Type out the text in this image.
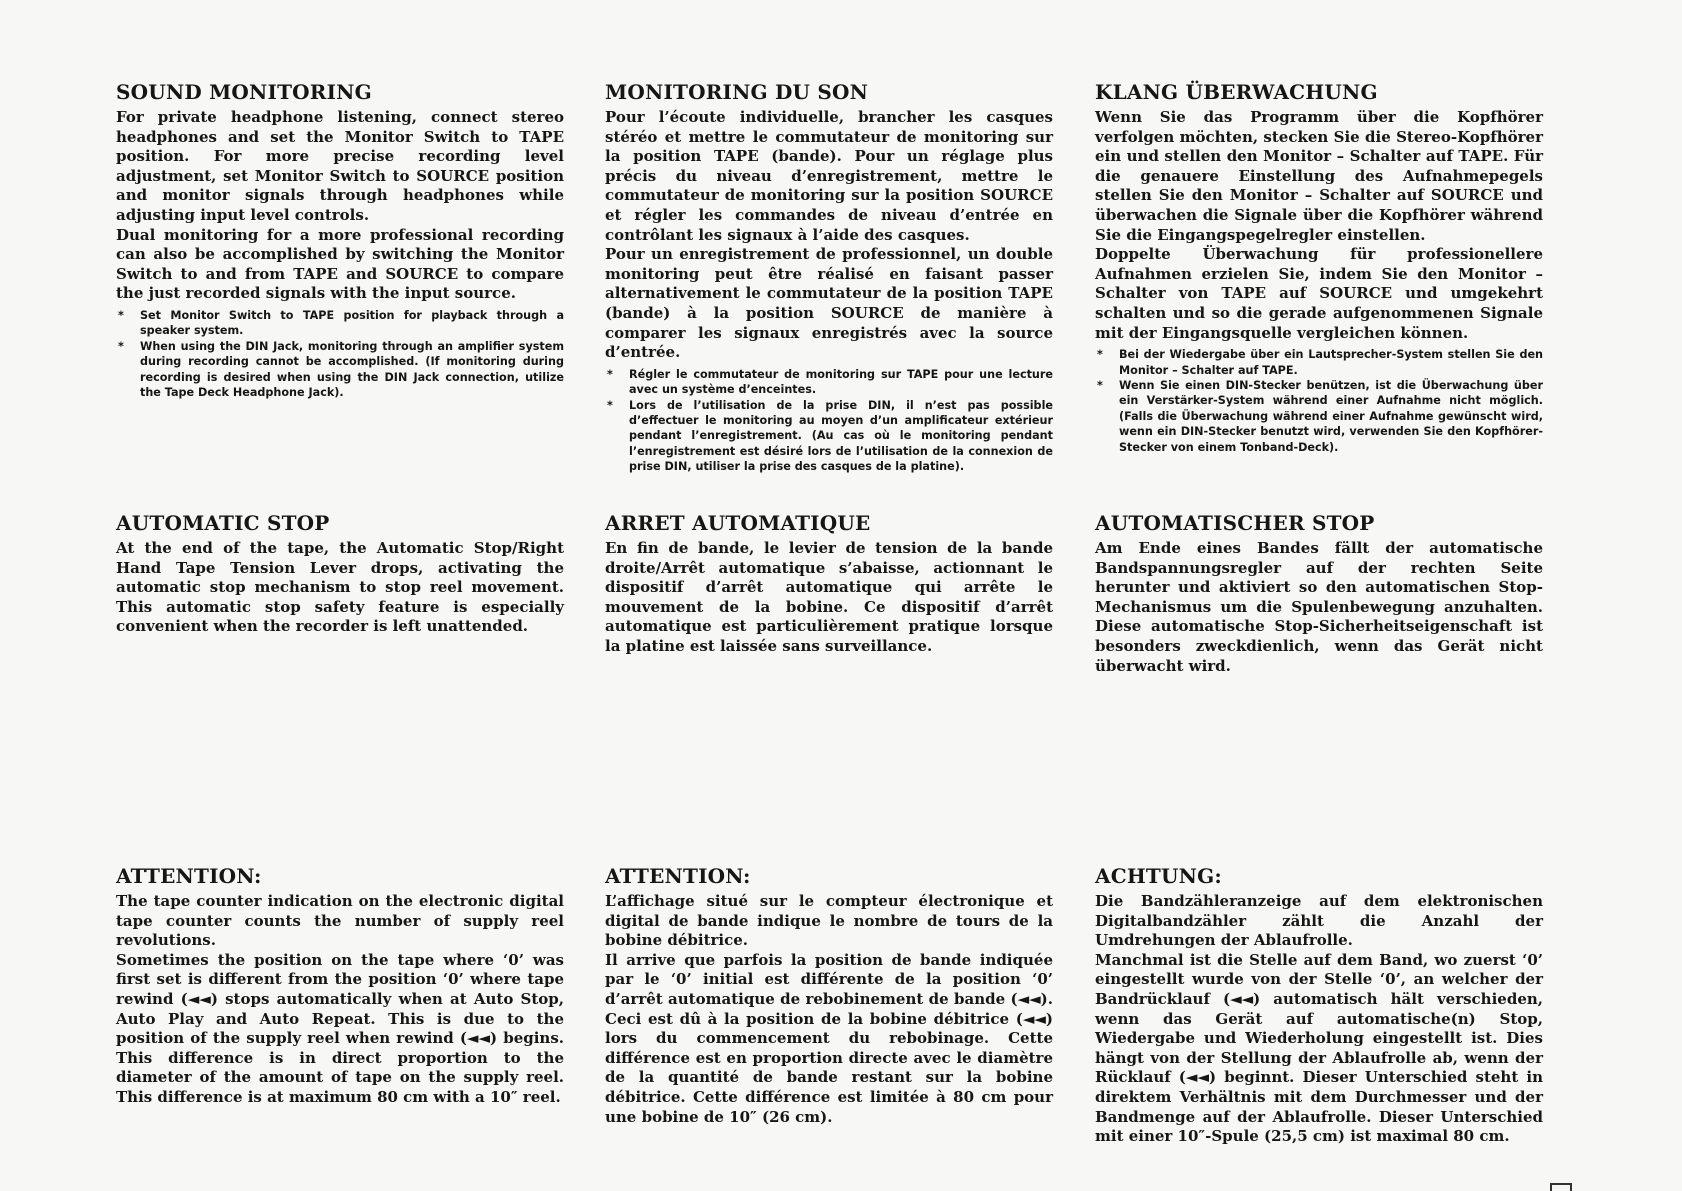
SOUND MONITORING

For private headphone listening, connect stereo headphones and set the Monitor Switch to TAPE position. For more precise recording level adjustment, set Monitor Switch to SOURCE position and monitor signals through headphones while adjusting input level controls.

Dual monitoring for a more professional recording can also be accomplished by switching the Monitor Switch to and from TAPE and SOURCE to compare the just recorded signals with the input source.

* Set Monitor Switch to TAPE position for playback through a speaker system.
* When using the DIN Jack, monitoring through an amplifier system during recording cannot be accomplished. (If monitoring during recording is desired when using the DIN Jack connection, utilize the Tape Deck Headphone Jack).
AUTOMATIC STOP

At the end of the tape, the Automatic Stop/Right Hand Tape Tension Lever drops, activating the automatic stop mechanism to stop reel movement. This automatic stop safety feature is especially convenient when the recorder is left unattended.

ATTENTION:

The tape counter indication on the electronic digital tape counter counts the number of supply reel revolutions.

Sometimes the position on the tape where ‘0’ was first set is different from the position ‘0’ where tape rewind (◄◄) stops automatically when at Auto Stop, Auto Play and Auto Repeat. This is due to the position of the supply reel when rewind (◄◄) begins. This difference is in direct proportion to the diameter of the amount of tape on the supply reel. This difference is at maximum 80 cm with a 10″ reel.

MONITORING DU SON

Pour l’écoute individuelle, brancher les casques stéréo et mettre le commutateur de monitoring sur la position TAPE (bande). Pour un réglage plus précis du niveau d’enregistrement, mettre le commutateur de monitoring sur la position SOURCE et régler les commandes de niveau d’entrée en contrôlant les signaux à l’aide des casques.

Pour un enregistrement de professionnel, un double monitoring peut être réalisé en faisant passer alternativement le commutateur de la position TAPE (bande) à la position SOURCE de manière à comparer les signaux enregistrés avec la source d’entrée.

* Régler le commutateur de monitoring sur TAPE pour une lecture avec un système d’enceintes.
* Lors de l’utilisation de la prise DIN, il n’est pas possible d’effectuer le monitoring au moyen d’un amplificateur extérieur pendant l’enregistrement. (Au cas où le monitoring pendant l’enregistrement est désiré lors de l’utilisation de la connexion de prise DIN, utiliser la prise des casques de la platine).
ARRET AUTOMATIQUE

En fin de bande, le levier de tension de la bande droite/Arrêt automatique s’abaisse, actionnant le dispositif d’arrêt automatique qui arrête le mouvement de la bobine. Ce dispositif d’arrêt automatique est particulièrement pratique lorsque la platine est laissée sans surveillance.

ATTENTION:

L’affichage situé sur le compteur électronique et digital de bande indique le nombre de tours de la bobine débitrice.

Il arrive que parfois la position de bande indiquée par le ‘0’ initial est différente de la position ‘0’ d’arrêt automatique de rebobinement de bande (◄◄). Ceci est dû à la position de la bobine débitrice (◄◄) lors du commencement du rebobinage. Cette différence est en proportion directe avec le diamètre de la quantité de bande restant sur la bobine débitrice. Cette différence est limitée à 80 cm pour une bobine de 10″ (26 cm).

KLANG ÜBERWACHUNG

Wenn Sie das Programm über die Kopfhörer verfolgen möchten, stecken Sie die Stereo-Kopfhörer ein und stellen den Monitor – Schalter auf TAPE. Für die genauere Einstellung des Aufnahmepegels stellen Sie den Monitor – Schalter auf SOURCE und überwachen die Signale über die Kopfhörer während Sie die Eingangspegelregler einstellen.

Doppelte Überwachung für professionellere Aufnahmen erzielen Sie, indem Sie den Monitor – Schalter von TAPE auf SOURCE und umgekehrt schalten und so die gerade aufgenommenen Signale mit der Eingangsquelle vergleichen können.

* Bei der Wiedergabe über ein Lautsprecher-System stellen Sie den Monitor – Schalter auf TAPE.
* Wenn Sie einen DIN-Stecker benützen, ist die Überwachung über ein Verstärker-System während einer Aufnahme nicht möglich. (Falls die Überwachung während einer Aufnahme gewünscht wird, wenn ein DIN-Stecker benutzt wird, verwenden Sie den Kopfhörer-Stecker von einem Tonband-Deck).
AUTOMATISCHER STOP

Am Ende eines Bandes fällt der automatische Bandspannungsregler auf der rechten Seite herunter und aktiviert so den automatischen Stop-Mechanismus um die Spulenbewegung anzuhalten. Diese automatische Stop-Sicherheitseigenschaft ist besonders zweckdienlich, wenn das Gerät nicht überwacht wird.

ACHTUNG:

Die Bandzähleranzeige auf dem elektronischen Digitalbandzähler zählt die Anzahl der Umdrehungen der Ablaufrolle.

Manchmal ist die Stelle auf dem Band, wo zuerst ‘0’ eingestellt wurde von der Stelle ‘0’, an welcher der Bandrücklauf (◄◄) automatisch hält verschieden, wenn das Gerät auf automatische(n) Stop, Wiedergabe und Wiederholung eingestellt ist. Dies hängt von der Stellung der Ablaufrolle ab, wenn der Rücklauf (◄◄) beginnt. Dieser Unterschied steht in direktem Verhältnis mit dem Durchmesser und der Bandmenge auf der Ablaufrolle. Dieser Unterschied mit einer 10″-Spule (25,5 cm) ist maximal 80 cm.
